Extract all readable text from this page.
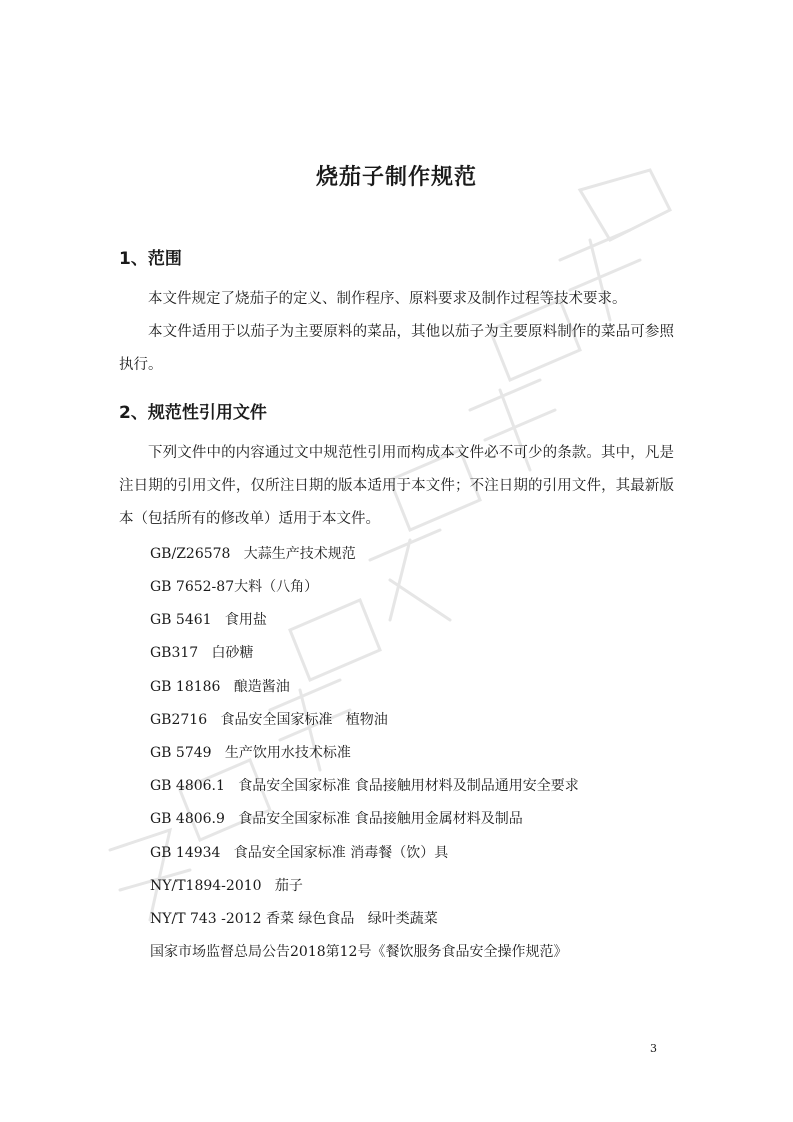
烧茄子制作规范
1、范围
本文件规定了烧茄子的定义、制作程序、原料要求及制作过程等技术要求。
本文件适用于以茄子为主要原料的菜品，其他以茄子为主要原料制作的菜品可参照执行。
2、规范性引用文件
下列文件中的内容通过文中规范性引用而构成本文件必不可少的条款。其中，凡是注日期的引用文件，仅所注日期的版本适用于本文件；不注日期的引用文件，其最新版本（包括所有的修改单）适用于本文件。
GB/Z26578   大蒜生产技术规范
GB 7652-87大料（八角）
GB 5461   食用盐
GB317   白砂糖
GB 18186   酿造酱油
GB2716   食品安全国家标准   植物油
GB 5749   生产饮用水技术标准
GB 4806.1   食品安全国家标准 食品接触用材料及制品通用安全要求
GB 4806.9   食品安全国家标准 食品接触用金属材料及制品
GB 14934   食品安全国家标准 消毒餐（饮）具
NY/T1894-2010   茄子
NY/T 743 -2012 香菜 绿色食品   绿叶类蔬菜
国家市场监督总局公告2018第12号《餐饮服务食品安全操作规范》
3
